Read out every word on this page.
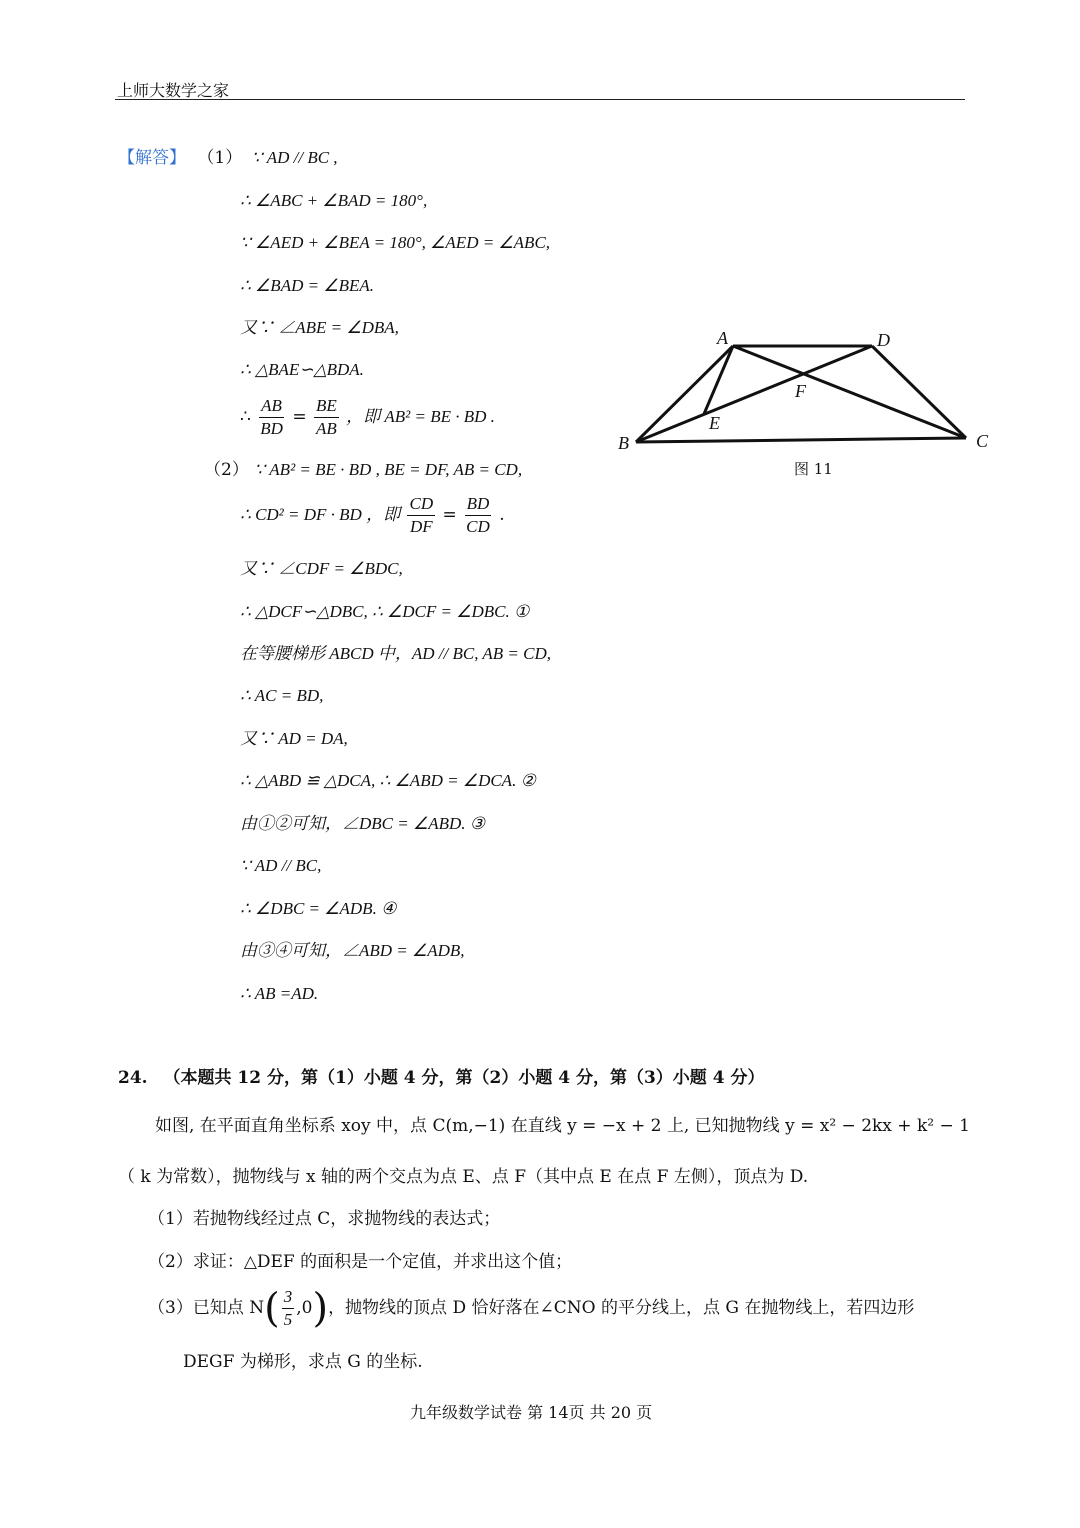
上师大数学之家
【解答】 （1） ∵ AD // BC ,
∴ ∠ABC + ∠BAD = 180°,
∵ ∠AED + ∠BEA = 180°, ∠AED = ∠ABC,
∴ ∠BAD = ∠BEA.
又∵ ∠ABE = ∠DBA,
∴ △BAE∽△BDA.
∴ $\frac{AB}{BD} = \frac{BE}{AB}$ ，即 AB² = BE · BD .
（2） ∵ AB² = BE · BD , BE = DF, AB = CD,
∴ CD² = DF · BD ，即 $\frac{CD}{DF} = \frac{BD}{CD}$ .
又∵ ∠CDF = ∠BDC,
∴ △DCF∽△DBC, ∴ ∠DCF = ∠DBC. ①
在等腰梯形 ABCD 中，AD // BC, AB = CD,
∴ AC = BD,
又∵ AD = DA,
∴ △ABD ≌ △DCA, ∴ ∠ABD = ∠DCA. ②
由①②可知，∠DBC = ∠ABD. ③
∵ AD // BC,
∴ ∠DBC = ∠ADB. ④
由③④可知，∠ABD = ∠ADB,
∴ AB =AD.
A	D
F
E
B	C
图 11
24. （本题共 12 分，第（1）小题 4 分，第（2）小题 4 分，第（3）小题 4 分）
如图, 在平面直角坐标系 xoy 中，点 C(m,−1) 在直线 y = −x + 2 上, 已知抛物线 y = x² − 2kx + k² − 1
（ k 为常数），抛物线与 x 轴的两个交点为点 E、点 F（其中点 E 在点 F 左侧），顶点为 D.
（1）若抛物线经过点 C，求抛物线的表达式；
（2）求证：△DEF 的面积是一个定值，并求出这个值；
（3）已知点 $N( \frac{3}{5} ,0)$，抛物线的顶点 D 恰好落在∠CNO 的平分线上，点 G 在抛物线上，若四边形
DEGF 为梯形，求点 G 的坐标.
九年级数学试卷 第 14页 共 20 页
